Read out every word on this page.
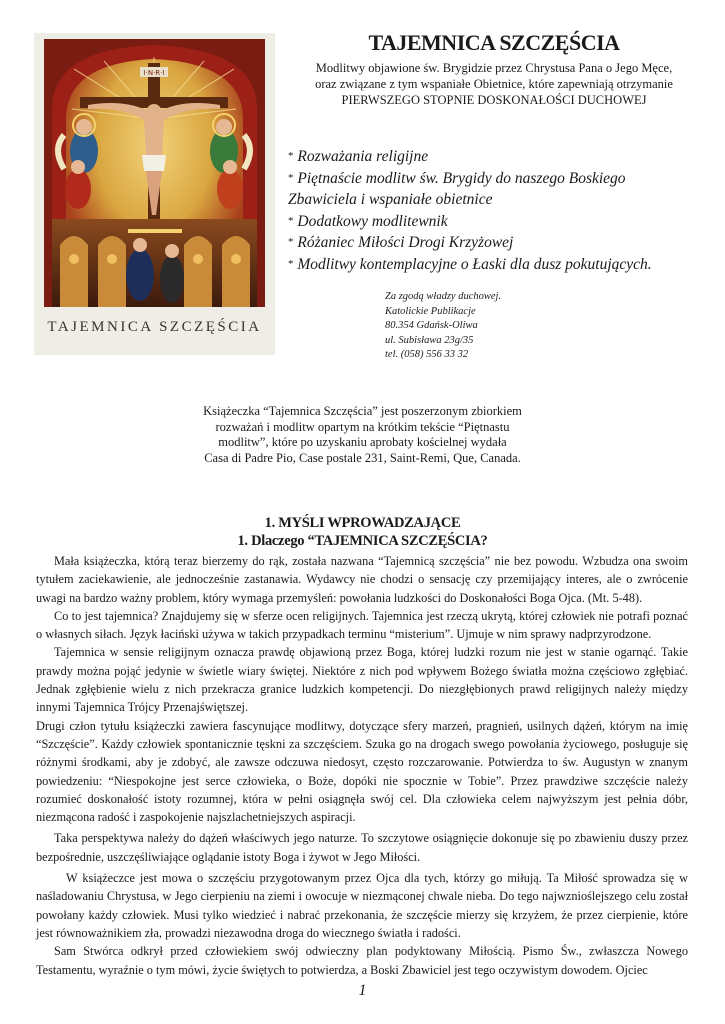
I·N·R·I
TAJEMNICA SZCZĘŚCIA
TAJEMNICA SZCZĘŚCIA
Modlitwy objawione św. Brygidzie przez Chrystusa Pana o Jego Męce,
oraz związane z tym wspaniałe Obietnice, które zapewniają otrzymanie
PIERWSZEGO STOPNIE DOSKONAŁOŚCI DUCHOWEJ
* Rozważania religijne
* Piętnaście modlitw św. Brygidy do naszego Boskiego
Zbawiciela i wspaniałe obietnice
* Dodatkowy modlitewnik
* Różaniec Miłości Drogi Krzyżowej
* Modlitwy kontemplacyjne o Łaski dla dusz pokutujących.
Za zgodą władzy duchowej.
Katolickie Publikacje
80.354 Gdańsk-Oliwa
ul. Subisława 23g/35
tel. (058) 556 33 32
Książeczka “Tajemnica Szczęścia” jest poszerzonym zbiorkiem
rozważań i modlitw opartym na krótkim tekście “Piętnastu
modlitw”, które po uzyskaniu aprobaty kościelnej wydała
Casa di Padre Pio, Case postale 231, Saint-Remi, Que, Canada.
1. MYŚLI WPROWADZAJĄCE
1. Dlaczego “TAJEMNICA SZCZĘŚCIA?

Mała książeczka, którą teraz bierzemy do rąk, została nazwana “Tajemnicą szczęścia” nie bez powodu. Wzbudza ona swoim tytułem zaciekawienie, ale jednocześnie zastanawia. Wydawcy nie chodzi o sensację czy przemijający interes, ale o zwrócenie uwagi na bardzo ważny problem, który wymaga przemyśleń: powołania ludzkości do Doskonałości Boga Ojca. (Mt. 5-48).

Co to jest tajemnica? Znajdujemy się w sferze ocen religijnych. Tajemnica jest rzeczą ukrytą, której człowiek nie potrafi poznać o własnych siłach. Język łaciński używa w takich przypadkach terminu “misterium”. Ujmuje w nim sprawy nadprzyrodzone.

Tajemnica w sensie religijnym oznacza prawdę objawioną przez Boga, której ludzki rozum nie jest w stanie ogarnąć. Takie prawdy można pojąć jedynie w świetle wiary świętej. Niektóre z nich pod wpływem Bożego światła można częściowo zgłębiać. Jednak zgłębienie wielu z nich przekracza granice ludzkich kompetencji. Do niezgłębionych prawd religijnych należy między innymi Tajemnica Trójcy Przenajświętszej.

Drugi człon tytułu książeczki zawiera fascynujące modlitwy, dotyczące sfery marzeń, pragnień, usilnych dążeń, którym na imię “Szczęście”. Każdy człowiek spontanicznie tęskni za szczęściem. Szuka go na drogach swego powołania życiowego, posługuje się różnymi środkami, aby je zdobyć, ale zawsze odczuwa niedosyt, często rozczarowanie. Potwierdza to św. Augustyn w znanym powiedzeniu: “Niespokojne jest serce człowieka, o Boże, dopóki nie spocznie w Tobie”. Przez prawdziwe szczęście należy rozumieć doskonałość istoty rozumnej, która w pełni osiągnęła swój cel. Dla człowieka celem najwyższym jest pełnia dóbr, niezmącona radość i zaspokojenie najszlachetniejszych aspiracji.

Taka perspektywa należy do dążeń właściwych jego naturze. To szczytowe osiągnięcie dokonuje się po zbawieniu duszy przez bezpośrednie, uszczęśliwiające oglądanie istoty Boga i żywot w Jego Miłości.

W książeczce jest mowa o szczęściu przygotowanym przez Ojca dla tych, którzy go miłują. Ta Miłość sprowadza się w naśladowaniu Chrystusa, w Jego cierpieniu na ziemi i owocuje w niezmąconej chwale nieba. Do tego najwznioślejszego celu został powołany każdy człowiek. Musi tylko wiedzieć i nabrać przekonania, że szczęście mierzy się krzyżem, że przez cierpienie, które jest równoważnikiem zła, prowadzi niezawodna droga do wiecznego światła i radości.

Sam Stwórca odkrył przed człowiekiem swój odwieczny plan podyktowany Miłością. Pismo Św., zwłaszcza Nowego Testamentu, wyraźnie o tym mówi, życie świętych to potwierdza, a Boski Zbawiciel jest tego oczywistym dowodem. Ojciec

1
